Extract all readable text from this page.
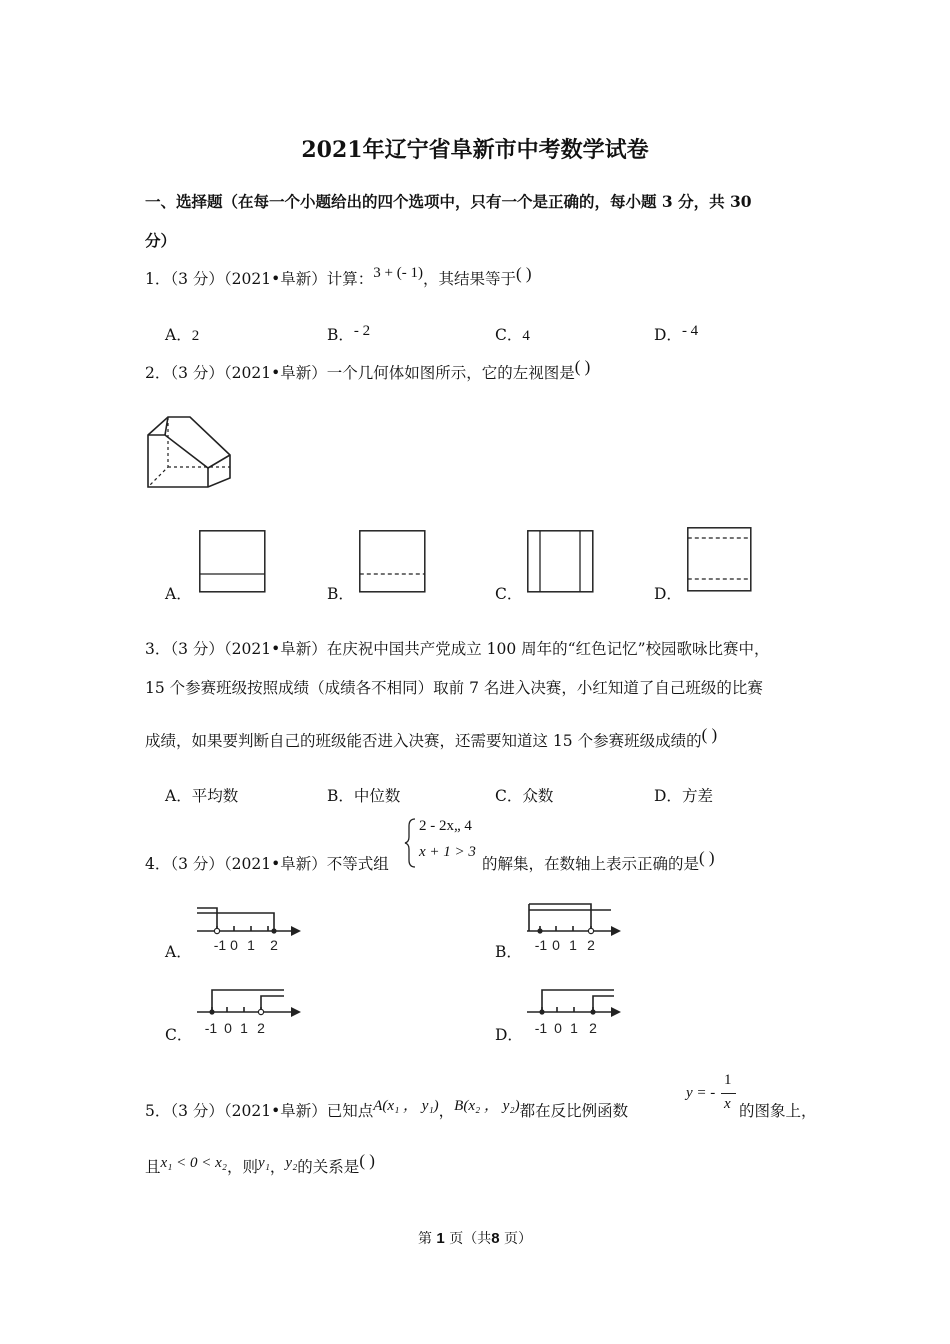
2021年辽宁省阜新市中考数学试卷
一、选择题（在每一个小题给出的四个选项中，只有一个是正确的，每小题 3 分，共 30
分）
1．（3 分）（2021•阜新）计算：3 + (- 1)，其结果等于( )
A．2	B．- 2	C．4	D．- 4
2．（3 分）（2021•阜新）一个几何体如图所示，它的左视图是( )
A．	B．	C．	D．
3．（3 分）（2021•阜新）在庆祝中国共产党成立 100 周年的“红色记忆”校园歌咏比赛中，
15 个参赛班级按照成绩（成绩各不相同）取前 7 名进入决赛，小红知道了自己班级的比赛
成绩，如果要判断自己的班级能否进入决赛，还需要知道这 15 个参赛班级成绩的( )
A．平均数	B．中位数	C．众数	D．方差
4．（3 分）（2021•阜新）不等式组
2 - 2x„ 4
x + 1 > 3
的解集，在数轴上表示正确的是( )
A．	B．
C．	D．
-1 0 1 2	-1 0 1 2
-1 0 1 2	-1 0 1 2
5．（3 分）（2021•阜新）已知点A(x₁ ， y₁)，B(x₂ ， y₂)都在反比例函数
y = -
1
x 的图象上，
且x₁ < 0 < x₂，则y₁，y₂的关系是( )
第 1 页（共8 页）
